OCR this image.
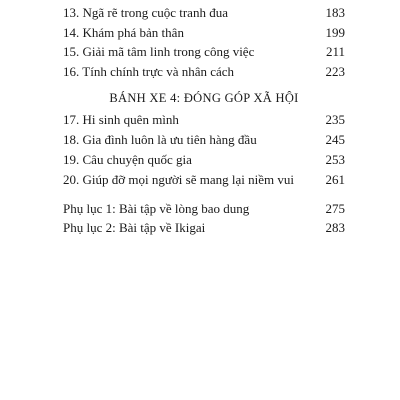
13. Ngã rẽ trong cuộc tranh đua	183
14. Khám phá bản thân	199
15. Giải mã tâm linh trong công việc	211
16. Tính chính trực và nhân cách	223
BÁNH XE 4: ĐÓNG GÓP XÃ HỘI
17. Hi sinh quên mình	235
18. Gia đình luôn là ưu tiên hàng đầu	245
19. Câu chuyện quốc gia	253
20. Giúp đỡ mọi người sẽ mang lại niềm vui	261
Phụ lục 1: Bài tập về lòng bao dung	275
Phụ lục 2: Bài tập về Ikigai	283
